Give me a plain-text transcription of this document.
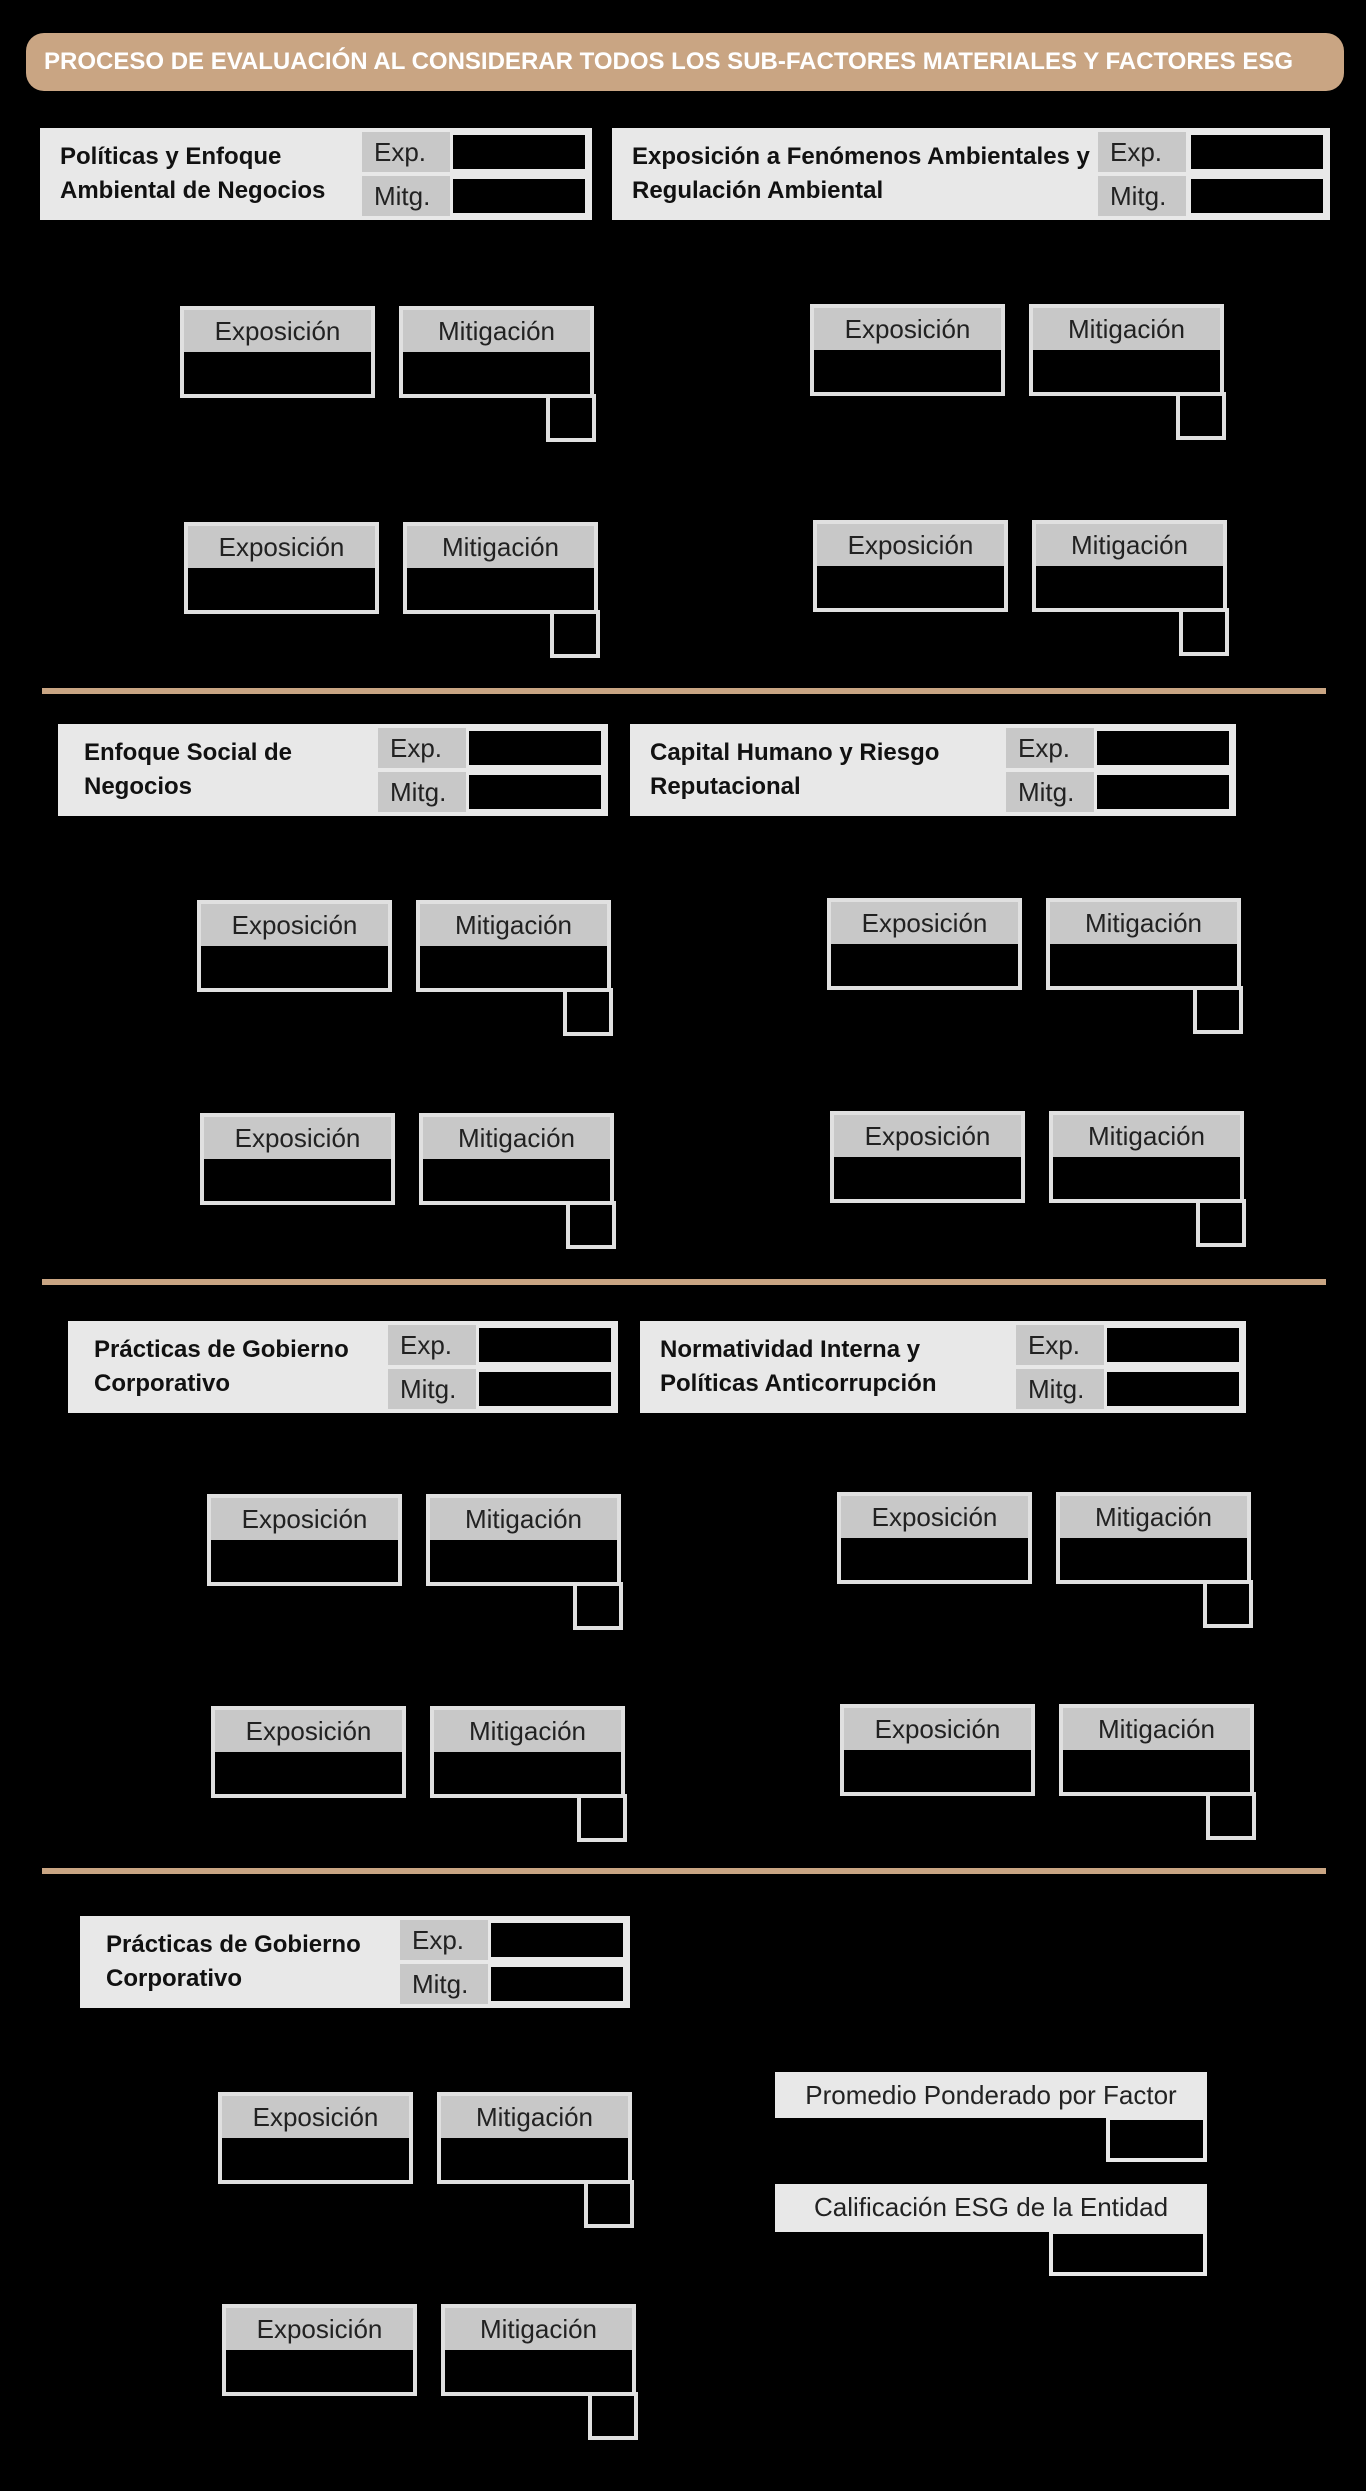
PROCESO DE EVALUACIÓN AL CONSIDERAR TODOS LOS SUB-FACTORES MATERIALES Y FACTORES ESG
Políticas y Enfoque Ambiental de Negocios
Exp.
Mitg.
Exposición a Fenómenos Ambientales y Regulación Ambiental
Exp.
Mitg.
Exposición	Mitigación	Exposición	Mitigación
Exposición	Mitigación	Exposición	Mitigación
Enfoque Social de Negocios
Exp.
Mitg.
Capital Humano y Riesgo Reputacional
Exp.
Mitg.
Exposición	Mitigación	Exposición	Mitigación
Exposición	Mitigación	Exposición	Mitigación
Prácticas de Gobierno Corporativo
Exp.
Mitg.
Normatividad Interna y Políticas Anticorrupción
Exp.
Mitg.
Exposición	Mitigación	Exposición	Mitigación
Exposición	Mitigación	Exposición	Mitigación
Prácticas de Gobierno Corporativo
Exp.
Mitg.
Exposición	Mitigación
Exposición	Mitigación
Promedio Ponderado por Factor
Calificación ESG de la Entidad
